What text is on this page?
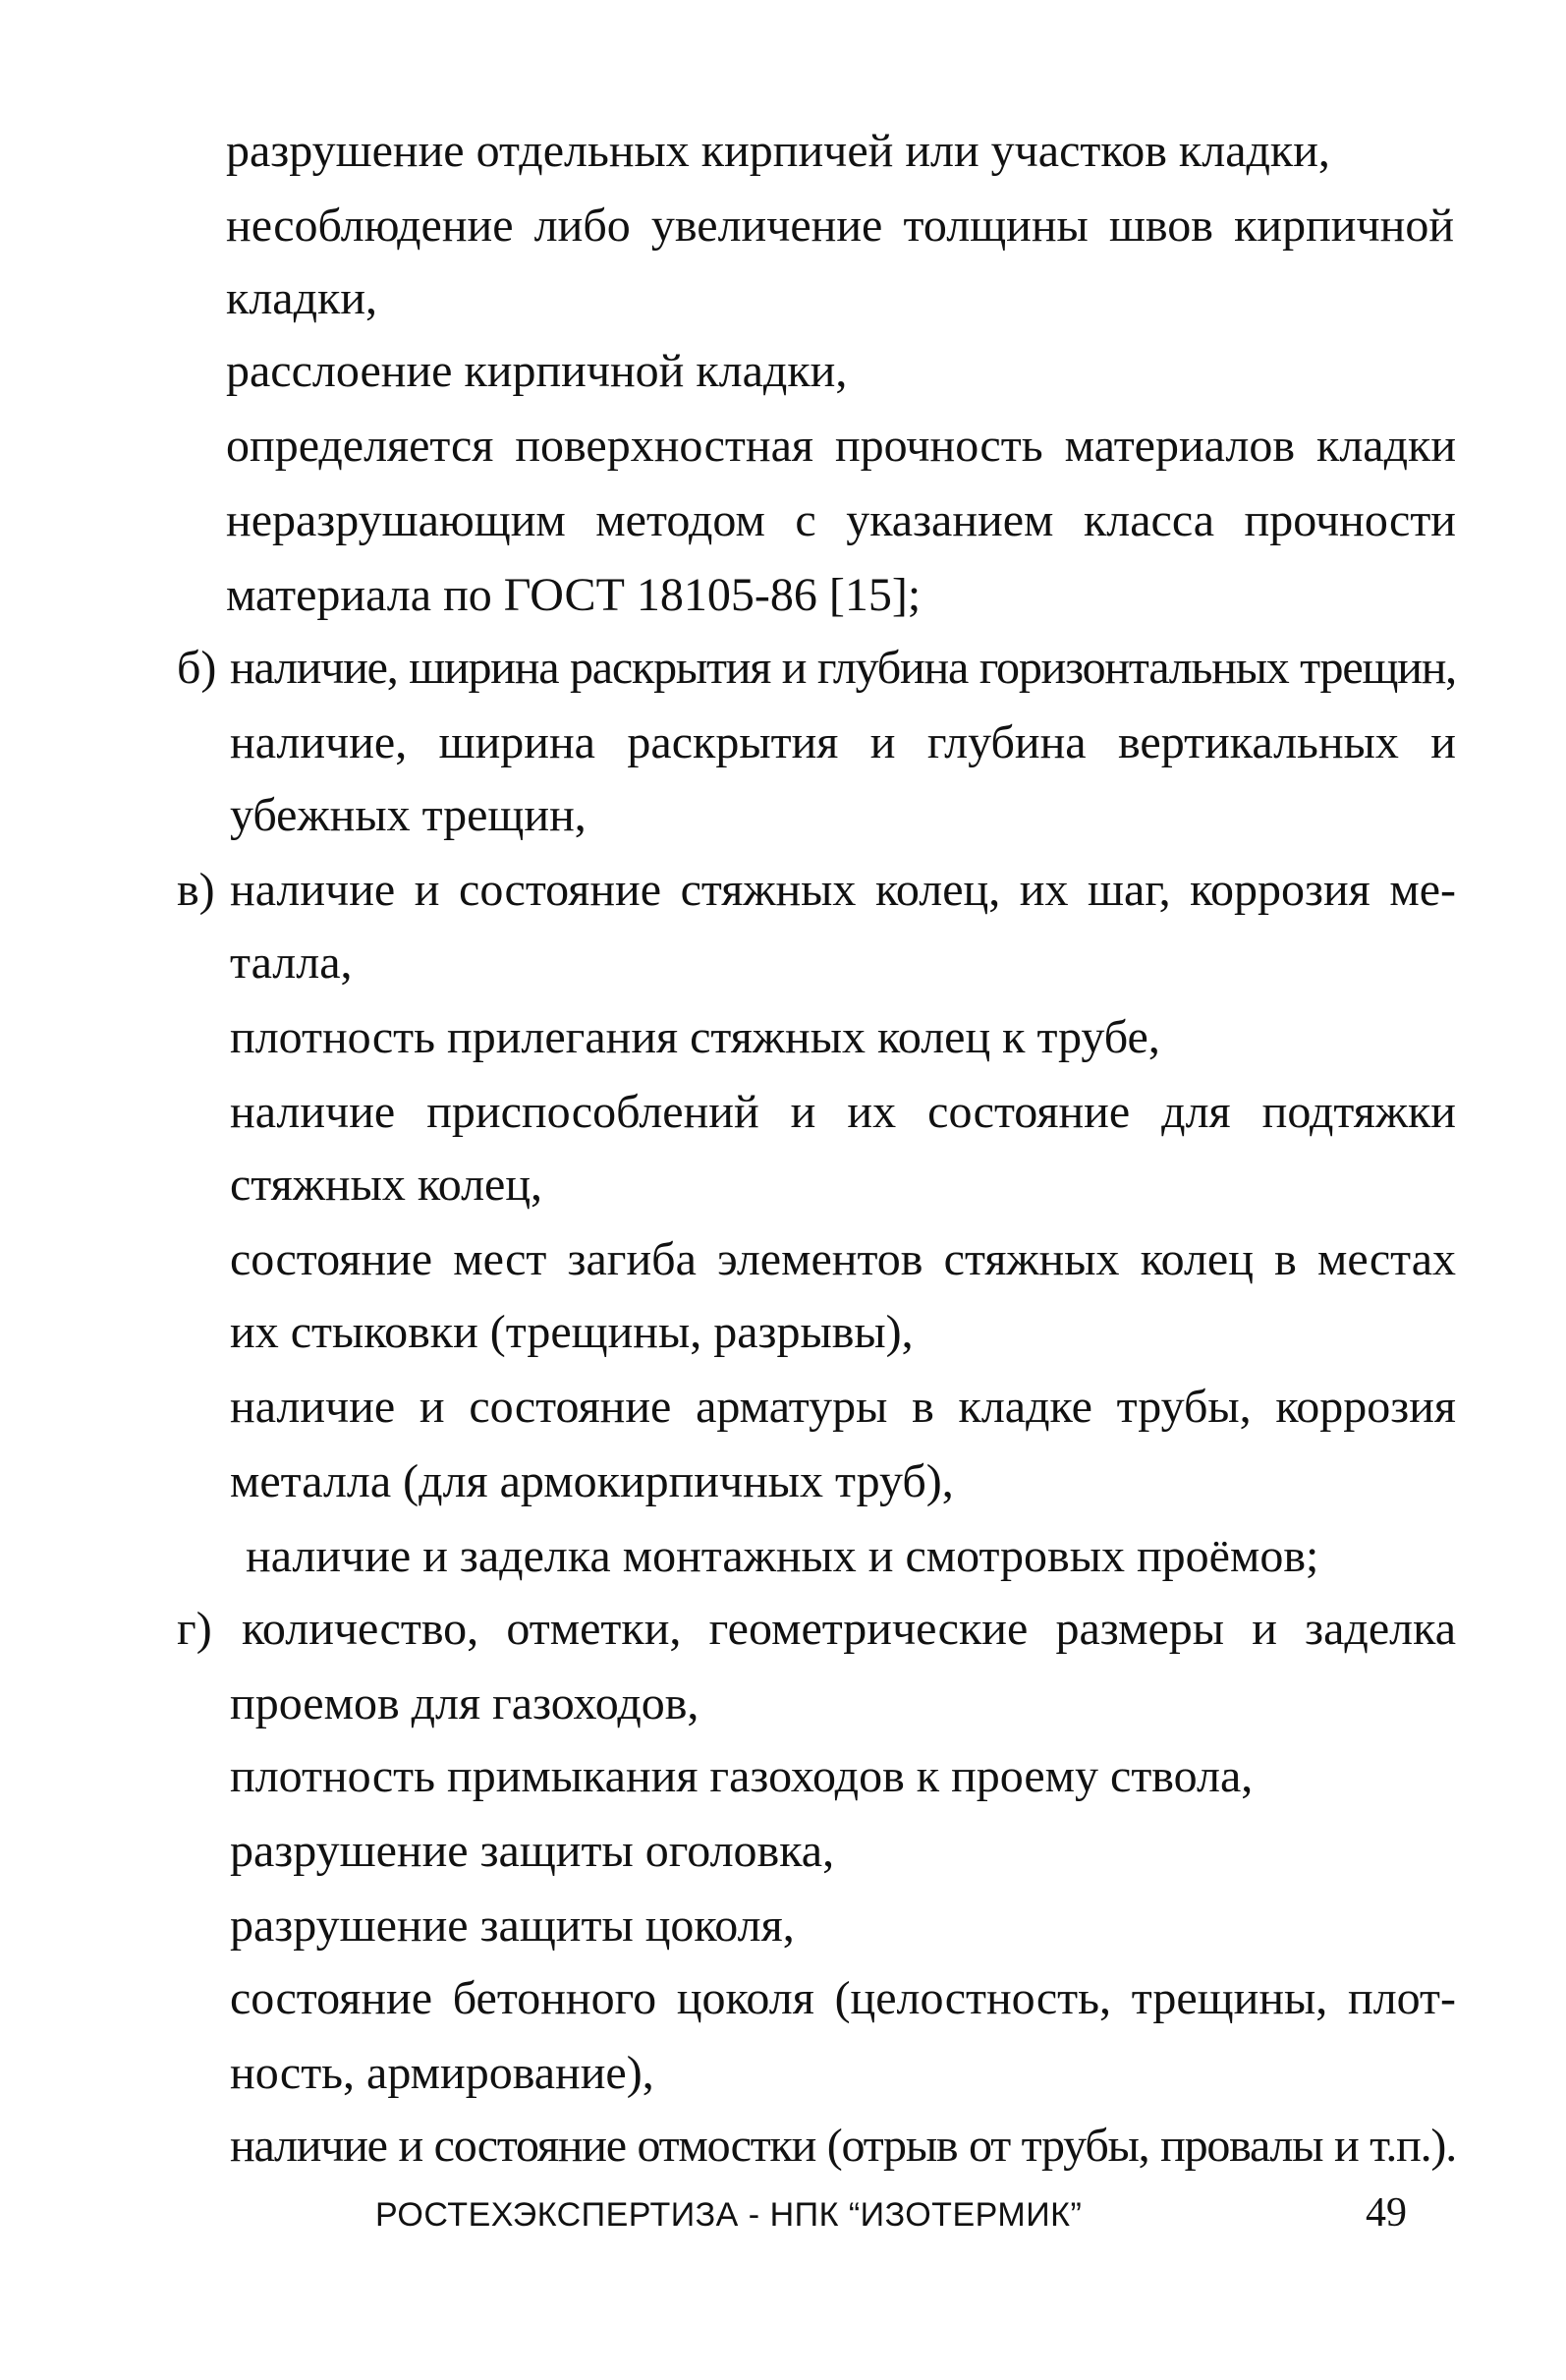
разрушение отдельных кирпичей или участков кладки,
несоблюдение либо увеличение толщины швов кирпичной
кладки,
расслоение кирпичной кладки,
определяется поверхностная прочность материалов кладки
неразрушающим методом с указанием класса прочности
материала по ГОСТ 18105-86 [15];
б) наличие, ширина раскрытия и глубина горизонтальных трещин,
наличие, ширина раскрытия и глубина вертикальных и
убежных трещин,
в) наличие и состояние стяжных колец, их шаг, коррозия ме-
талла,
плотность прилегания стяжных колец к трубе,
наличие приспособлений и их состояние для подтяжки
стяжных колец,
состояние мест загиба элементов стяжных колец в местах
их стыковки (трещины, разрывы),
наличие и состояние арматуры в кладке трубы, коррозия
металла (для армокирпичных труб),
наличие и заделка монтажных и смотровых проёмов;
г) количество, отметки, геометрические размеры и заделка
проемов для газоходов,
плотность примыкания газоходов к проему ствола,
разрушение защиты оголовка,
разрушение защиты цоколя,
состояние бетонного цоколя (целостность, трещины, плот-
ность, армирование),
наличие и состояние отмостки (отрыв от трубы, провалы и т.п.).
РОСТЕХЭКСПЕРТИЗА - НПК “ИЗОТЕРМИК”	49
